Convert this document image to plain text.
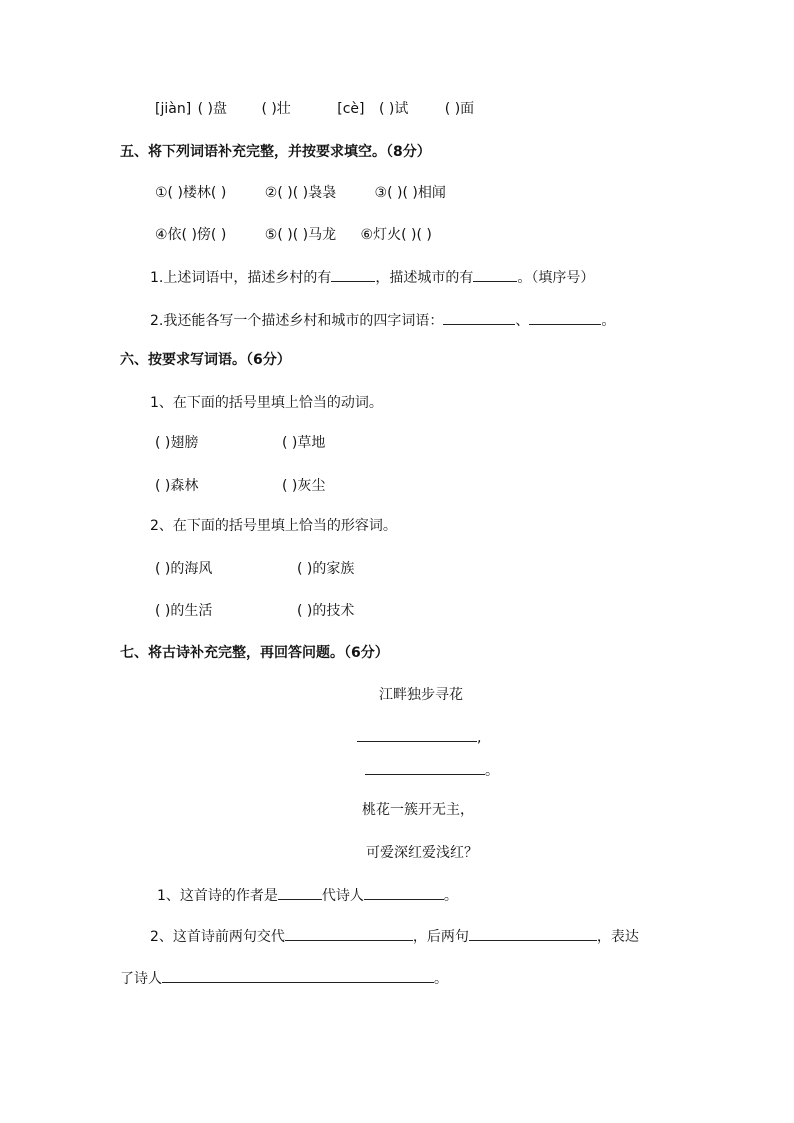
[jiàn] ( )盘 ( )壮	[cè] ( )试	( )面
五、将下列词语补充完整，并按要求填空。（8分）
①( )楼林( )	②( )( )袅袅	③( )( )相闻
④依( )傍( )	⑤( )( )马龙 ⑥灯火( )( )
1.上述词语中，描述乡村的有	，描述城市的有	。（填序号）
2.我还能各写一个描述乡村和城市的四字词语：	、	。
六、按要求写词语。（6分）
1、在下面的括号里填上恰当的动词。
( )翅膀	( )草地
( )森林	( )灰尘
2、在下面的括号里填上恰当的形容词。
( )的海风	( )的家族
( )的生活	( )的技术
七、将古诗补充完整，再回答问题。（6分）
江畔独步寻花
,
。
桃花一簇开无主，
可爱深红爱浅红？
1、这首诗的作者是	代诗人	。
2、这首诗前两句交代	，后两句	，表达
了诗人	。
